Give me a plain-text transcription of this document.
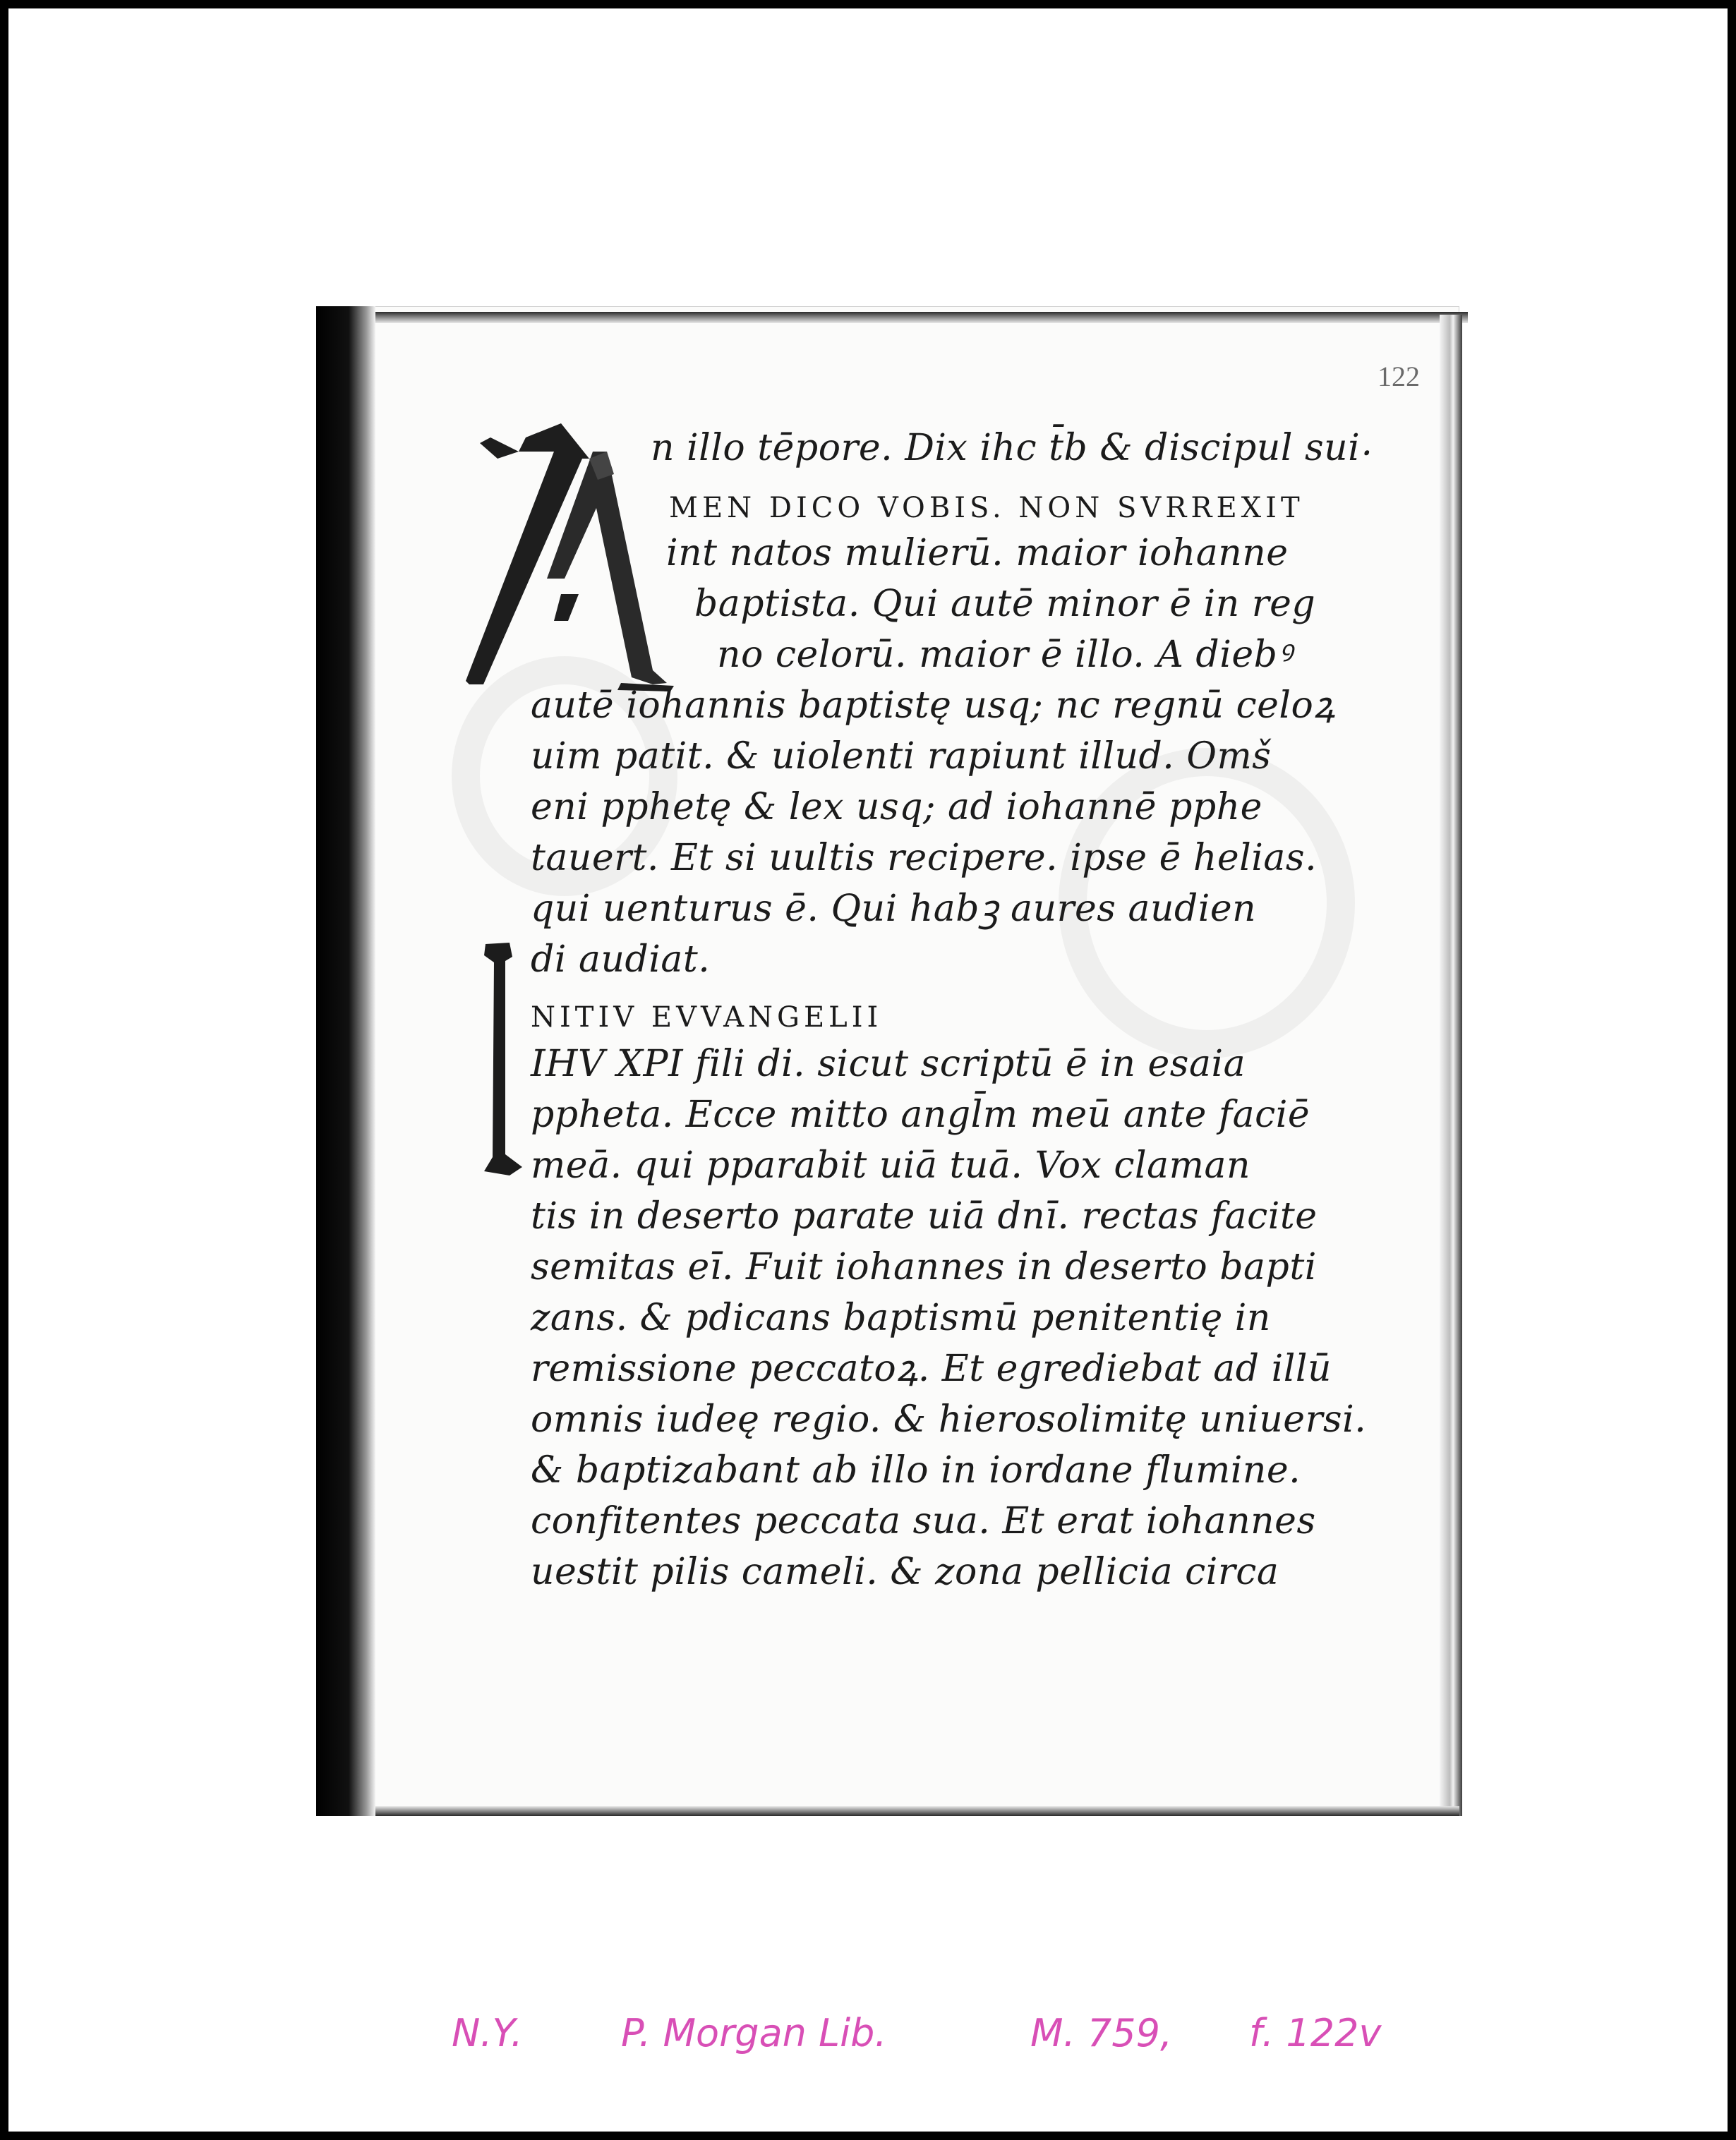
122
n illo tēpore. Dix ihc t̄b & discipul sui⸳
MEN DICO VOBIS. NON SVRREXIT
int natos mulierū. maior iohanne
baptista. Qui autē minor ē in reg
no celorū. maior ē illo. A diebꝰ
autē iohannis baptistę usq; nc regnū celoꝝ
uim patit. & uiolenti rapiunt illud. Omš
eni pphetę & lex usq; ad iohannē pphe
tauert. Et si uultis recipere. ipse ē helias.
qui uenturus ē. Qui habꝫ aures audien
di audiat.
NITIV EVVANGELII
IHV XPI fili di. sicut scriptū ē in esaia
ppheta. Ecce mitto angl̄m meū ante faciē
meā. qui pparabit uiā tuā. Vox claman
tis in deserto parate uiā dnī. rectas facite
semitas eī. Fuit iohannes in deserto bapti
zans. & pdicans baptismū penitentię in
remissione peccatoꝝ. Et egrediebat ad illū
omnis iudeę regio. & hierosolimitę uniuersi.
& baptizabant ab illo in iordane flumine.
confitentes peccata sua. Et erat iohannes
uestit pilis cameli. & zona pellicia circa
N.Y.	P. Morgan Lib.	M. 759, f. 122v
